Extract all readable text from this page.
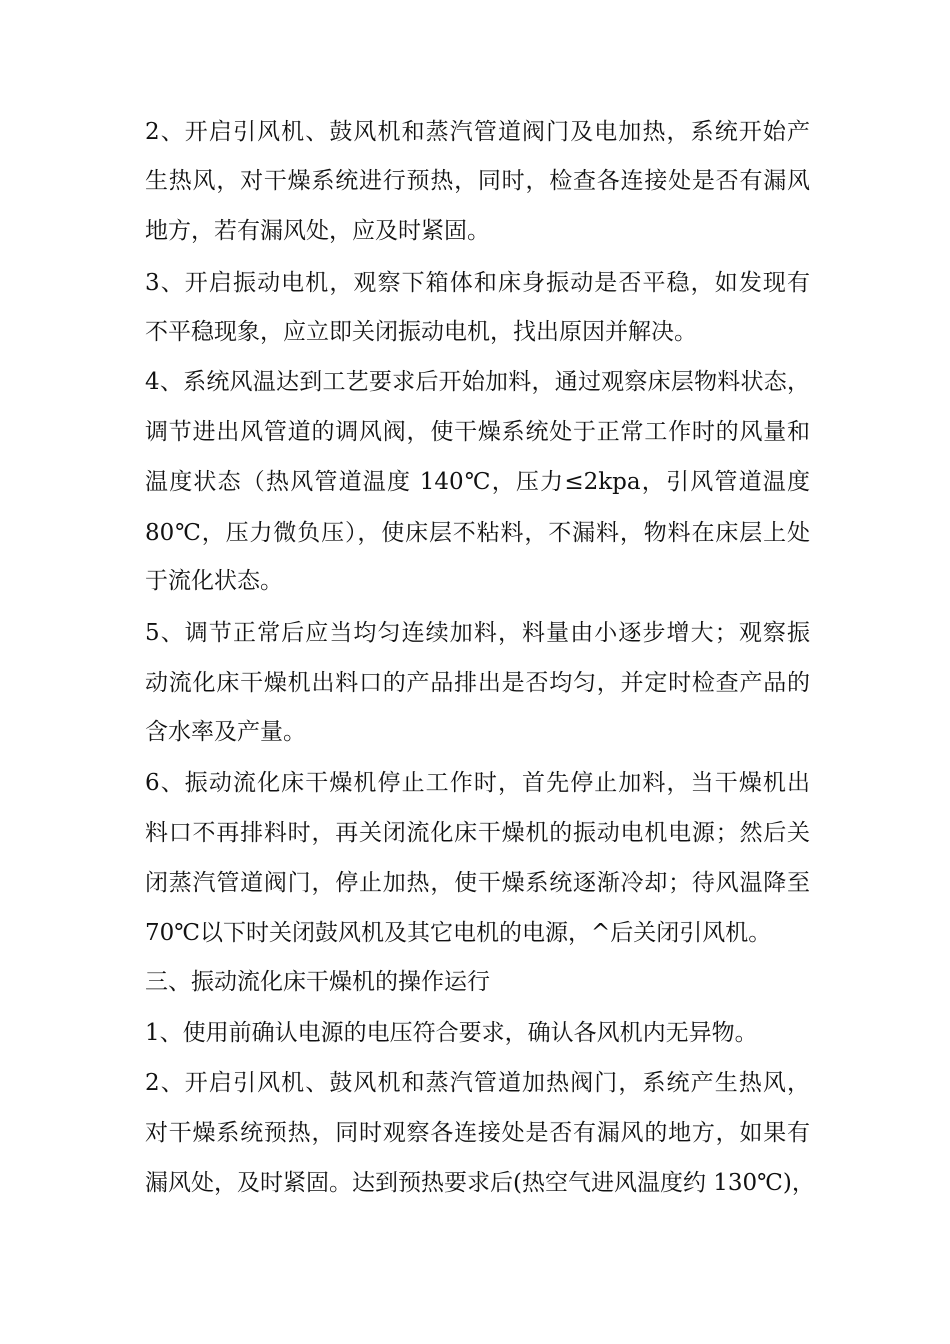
2、开启引风机、鼓风机和蒸汽管道阀门及电加热，系统开始产
生热风，对干燥系统进行预热，同时，检查各连接处是否有漏风
地方，若有漏风处，应及时紧固。
3、开启振动电机，观察下箱体和床身振动是否平稳，如发现有
不平稳现象，应立即关闭振动电机，找出原因并解决。
4、系统风温达到工艺要求后开始加料，通过观察床层物料状态，
调节进出风管道的调风阀，使干燥系统处于正常工作时的风量和
温度状态（热风管道温度 140℃，压力≤2kpa，引风管道温度
80℃，压力微负压），使床层不粘料，不漏料，物料在床层上处
于流化状态。
5、调节正常后应当均匀连续加料，料量由小逐步增大；观察振
动流化床干燥机出料口的产品排出是否均匀，并定时检查产品的
含水率及产量。
6、振动流化床干燥机停止工作时，首先停止加料，当干燥机出
料口不再排料时，再关闭流化床干燥机的振动电机电源；然后关
闭蒸汽管道阀门，停止加热，使干燥系统逐渐冷却；待风温降至
70℃以下时关闭鼓风机及其它电机的电源，^后关闭引风机。
三、振动流化床干燥机的操作运行
1、使用前确认电源的电压符合要求，确认各风机内无异物。
2、开启引风机、鼓风机和蒸汽管道加热阀门，系统产生热风，
对干燥系统预热，同时观察各连接处是否有漏风的地方，如果有
漏风处，及时紧固。达到预热要求后(热空气进风温度约 130℃)，
